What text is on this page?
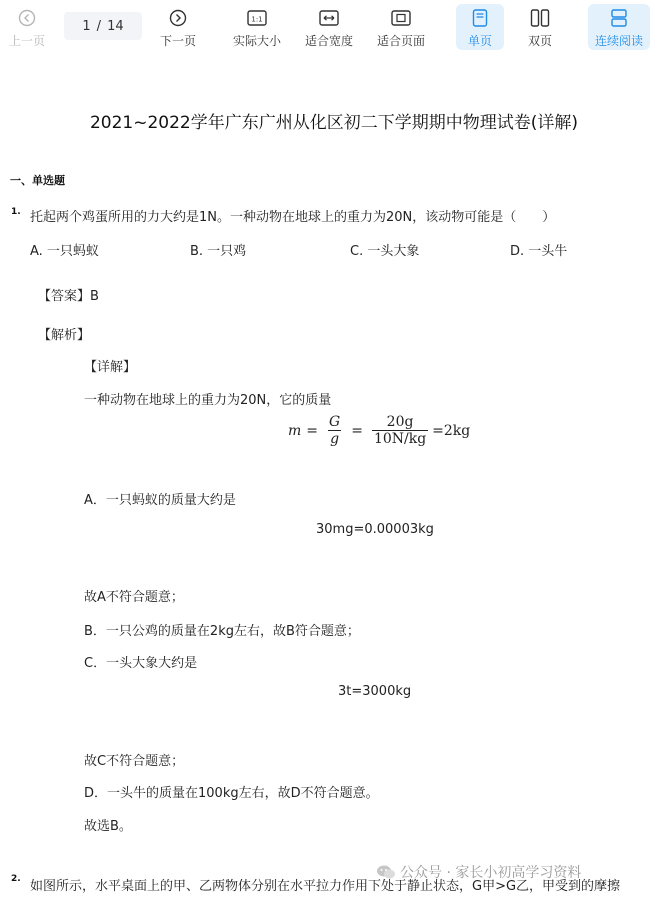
上一页
1 / 14
下一页
1:1
实际大小 适合宽度 适合页面	单页	双页	连续阅读
2021~2022学年广东广州从化区初二下学期期中物理试卷(详解)
一、单选题
1. 托起两个鸡蛋所用的力大约是1N。一种动物在地球上的重力为20N，该动物可能是（　　）
A. 一只蚂蚁	B. 一只鸡	C. 一头大象	D. 一头牛
【答案】B
【解析】
【详解】
一种动物在地球上的重力为20N，它的质量
$m = \frac{G}{g} = \frac{20g}{10N/kg} =2kg$
A．一只蚂蚁的质量大约是
30mg=0.00003kg
故A不符合题意；
B．一只公鸡的质量在2kg左右，故B符合题意；
C．一头大象大约是
3t=3000kg
故C不符合题意；
D．一头牛的质量在100kg左右，故D不符合题意。
故选B。
2. 如图所示，水平桌面上的甲、乙两物体分别在水平拉力作用下处于静止状态，G甲>G乙，甲受到的摩擦
公众号 · 家长小初高学习资料
